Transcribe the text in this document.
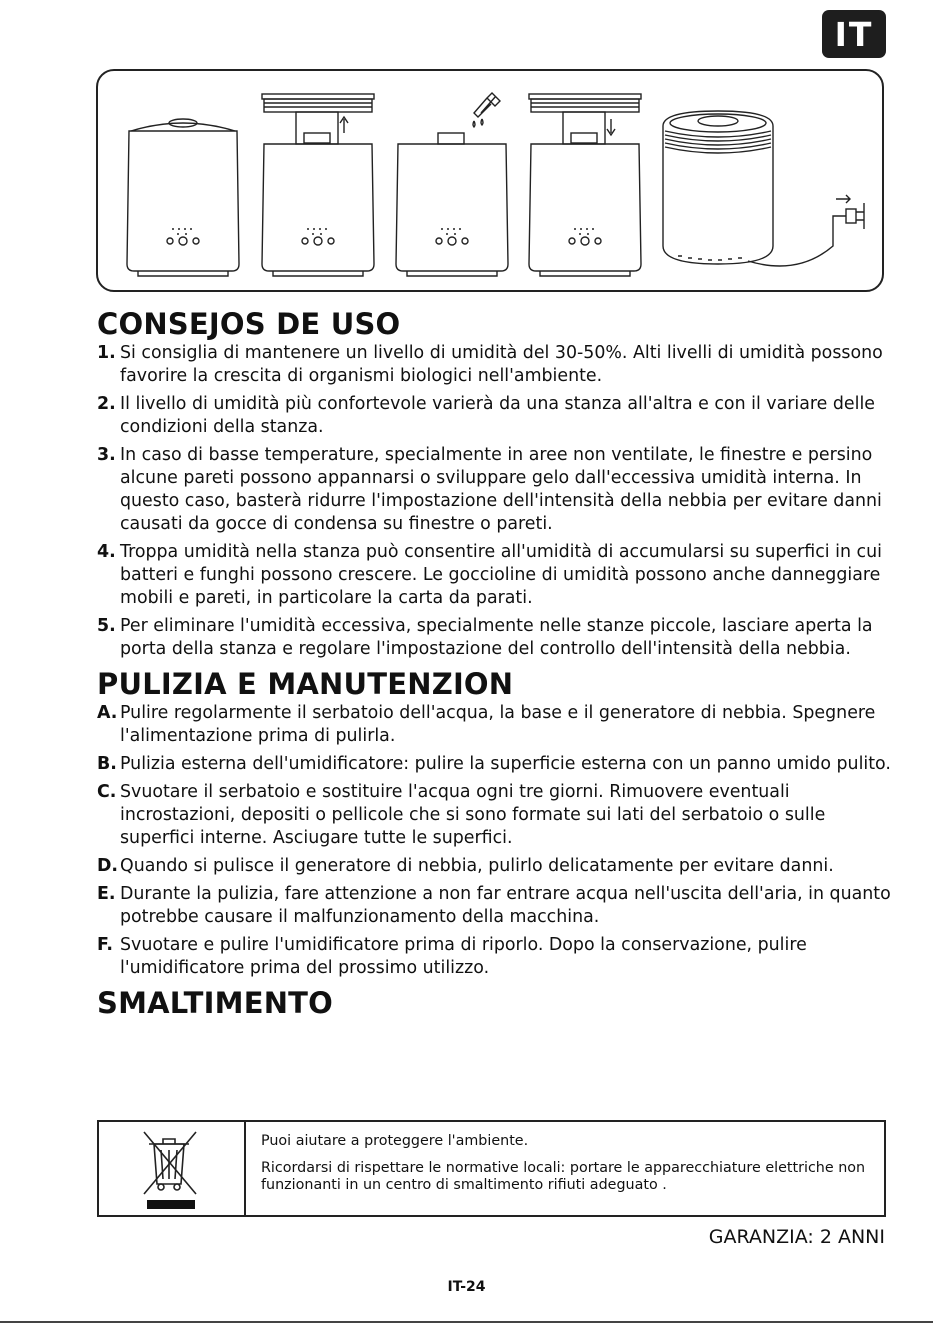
IT
CONSEJOS DE USO
1. Si consiglia di mantenere un livello di umidità del 30-50%. Alti livelli di umidità possono favorire la crescita di organismi biologici nell'ambiente.
2. Il livello di umidità più confortevole varierà da una stanza all'altra e con il variare delle condizioni della stanza.
3. In caso di basse temperature, specialmente in aree non ventilate, le finestre e persino alcune pareti possono appannarsi o sviluppare gelo dall'eccessiva umidità interna. In questo caso, basterà ridurre l'impostazione dell'intensità della nebbia per evitare danni causati da gocce di condensa su finestre o pareti.
4. Troppa umidità nella stanza può consentire all'umidità di accumularsi su superfici in cui batteri e funghi possono crescere. Le goccioline di umidità possono anche danneggiare mobili e pareti, in particolare la carta da parati.
5. Per eliminare l'umidità eccessiva, specialmente nelle stanze piccole, lasciare aperta la porta della stanza e regolare l'impostazione del controllo dell'intensità della nebbia.
PULIZIA E MANUTENZION
A. Pulire regolarmente il serbatoio dell'acqua, la base e il generatore di nebbia. Spegnere l'alimentazione prima di pulirla.
B. Pulizia esterna dell'umidificatore: pulire la superficie esterna con un panno umido pulito.
C. Svuotare il serbatoio e sostituire l'acqua ogni tre giorni. Rimuovere eventuali incrostazioni, depositi o pellicole che si sono formate sui lati del serbatoio o sulle superfici interne. Asciugare tutte le superfici.
D. Quando si pulisce il generatore di nebbia, pulirlo delicatamente per evitare danni.
E. Durante la pulizia, fare attenzione a non far entrare acqua nell'uscita dell'aria, in quanto potrebbe causare il malfunzionamento della macchina.
F. Svuotare e pulire l'umidificatore prima di riporlo. Dopo la conservazione, pulire l'umidificatore prima del prossimo utilizzo.
SMALTIMENTO

Puoi aiutare a proteggere l'ambiente.

Ricordarsi di rispettare le normative locali: portare le apparecchiature elettriche non funzionanti in un centro di smaltimento rifiuti adeguato .

GARANZIA: 2 ANNI
IT-24
